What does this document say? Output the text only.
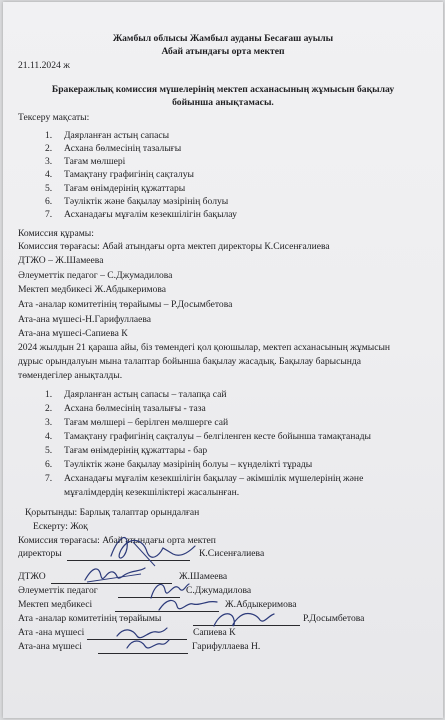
Жамбыл облысы Жамбыл ауданы Бесағаш ауылы
Абай атындағы орта мектеп
21.11.2024 ж
Бракеражлық комиссия мүшелерінің мектеп асханасының жұмысын бақылау
бойынша анықтамасы.
Тексеру мақсаты:
1. Даярланған астың сапасы
2. Асхана бөлмесінің тазалығы
3. Тағам мөлшері
4. Тамақтану графигінің сақталуы
5. Тағам өнімдерінің құжаттары
6. Тәуліктік және бақылау мәзірінің болуы
7. Асханадағы мұғалім кезекшілігін бақылау
Комиссия құрамы:
Комиссия төрағасы: Абай атындағы орта мектеп директоры К.Сисенғалиева
ДТЖО – Ж.Шамеева
Әлеуметтік педагог – С.Джумадилова
Мектеп медбикесі Ж.Абдыкеримова
Ата -аналар комитетінің төрайымы – Р.Досымбетова
Ата-ана мүшесі-Н.Гарифуллаева
Ата-ана мүшесі-Сапиева К
2024 жылдын 21 қараша айы, біз төмендегі қол қоюшылар, мектеп асханасының жұмысын
дұрыс орындалуын мына талаптар бойынша бақылау жасадық. Бақылау барысында
төмендегілер анықталды.
1. Даярланған астың сапасы – талапқа сай
2. Асхана бөлмесінің тазалығы - таза
3. Тағам мөлшері – берілген мөлшерге сай
4. Тамақтану графигінің сақталуы – белгіленген кесте бойынша тамақтанады
5. Тағам өнімдерінің құжаттары - бар
6. Тәуліктік және бақылау мәзірінің болуы – күнделікті тұрады
7. Асханадағы мұғалім кезекшілігін бақылау – әкімшілік мүшелерінің және
мұғалімдердің кезекшіліктері жасалынған.
Қорытынды: Барлық талаптар орындалған
Ескерту: Жоқ
Комиссия төрағасы: Абай атындағы орта мектеп
директоры	К.Сисенғалиева
ДТЖО	Ж.Шамеева
Әлеуметтік педагог	С.Джумадилова
Мектеп медбикесі	Ж.Абдыкеримова
Ата -аналар комитетінің төрайымы	Р.Досымбетова
Ата -ана мүшесі	Сапиева К
Ата-ана мүшесі	Гарифуллаева Н.
